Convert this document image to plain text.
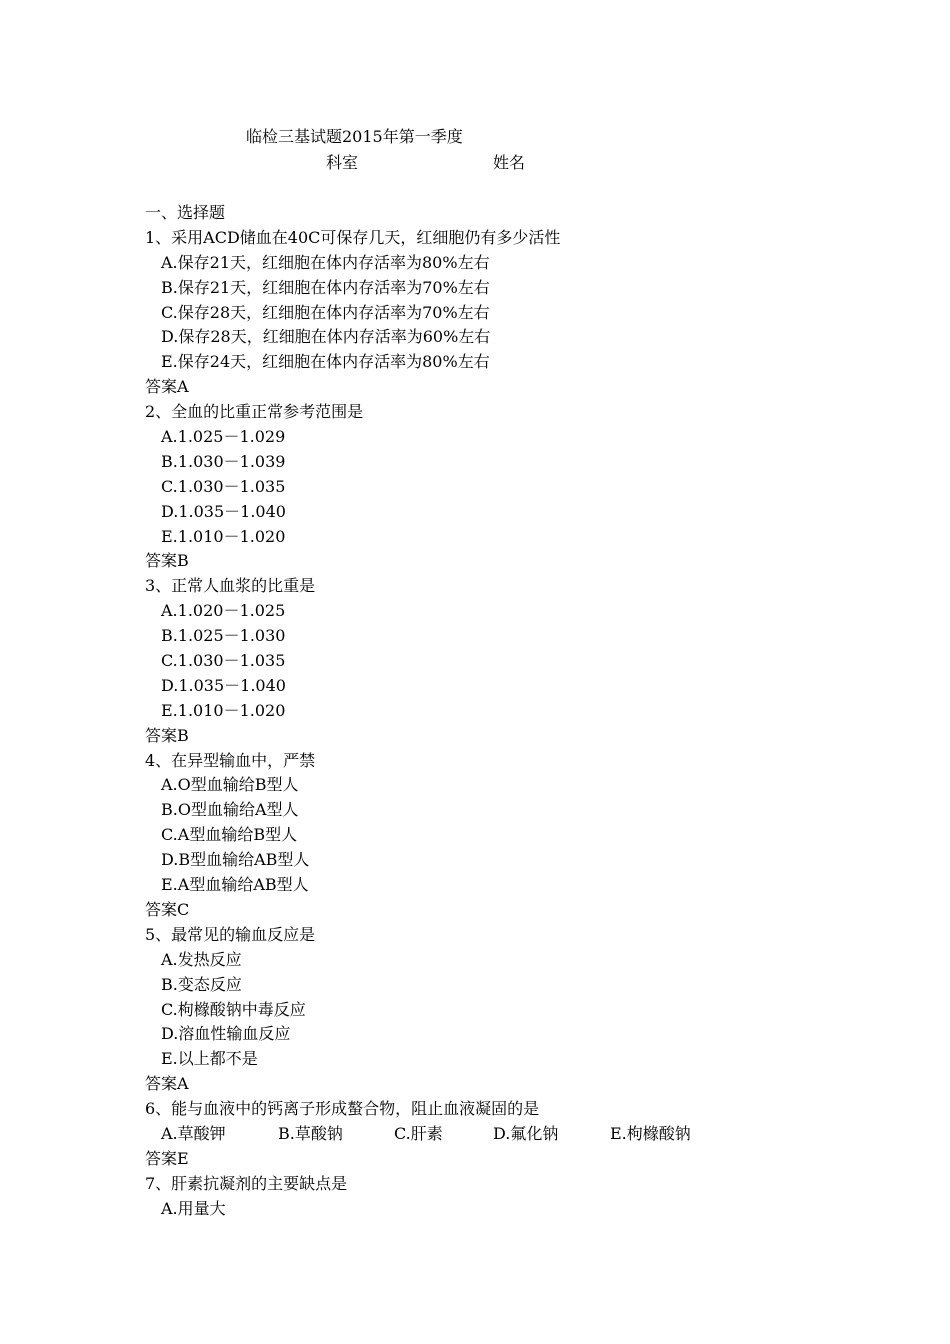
临检三基试题2015年第一季度
科室	姓名
一、选择题
1、采用ACD储血在40C可保存几天，红细胞仍有多少活性
A.保存21天，红细胞在体内存活率为80%左右
B.保存21天，红细胞在体内存活率为70%左右
C.保存28天，红细胞在体内存活率为70%左右
D.保存28天，红细胞在体内存活率为60%左右
E.保存24天，红细胞在体内存活率为80%左右
答案A
2、全血的比重正常参考范围是
A.1.025－1.029
B.1.030－1.039
C.1.030－1.035
D.1.035－1.040
E.1.010－1.020
答案B
3、正常人血浆的比重是
A.1.020－1.025
B.1.025－1.030
C.1.030－1.035
D.1.035－1.040
E.1.010－1.020
答案B
4、在异型输血中，严禁
A.O型血输给B型人
B.O型血输给A型人
C.A型血输给B型人
D.B型血输给AB型人
E.A型血输给AB型人
答案C
5、最常见的输血反应是
A.发热反应
B.变态反应
C.枸橼酸钠中毒反应
D.溶血性输血反应
E.以上都不是
答案A
6、能与血液中的钙离子形成螯合物，阻止血液凝固的是
A.草酸钾	B.草酸钠	C.肝素	D.氟化钠	E.枸橼酸钠
答案E
7、肝素抗凝剂的主要缺点是
A.用量大
